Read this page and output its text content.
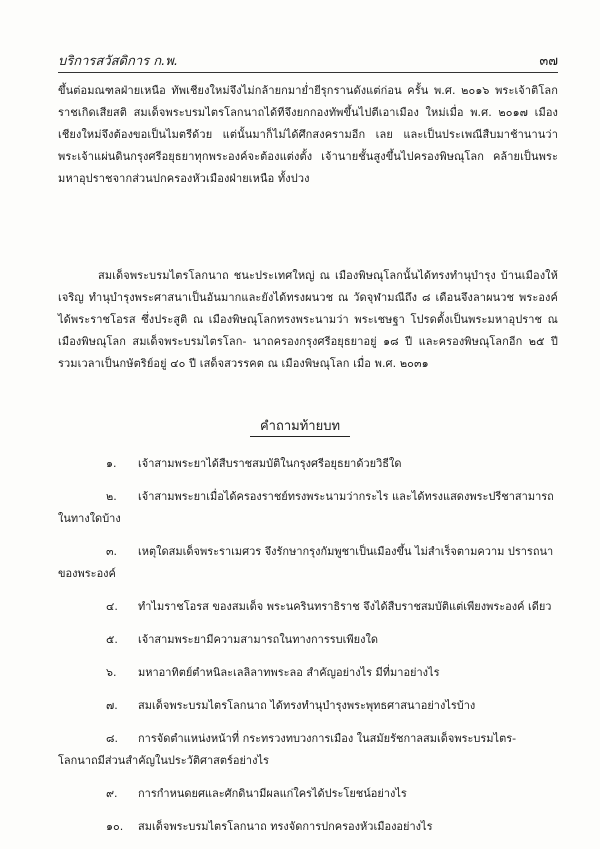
บริการสวัสดิการ ก.พ.	๓๗
ขึ้นต่อมณฑลฝ่ายเหนือ ทัพเชียงใหม่จึงไม่กล้ายกมาย่ำยีรุกรานดังแต่ก่อน ครั้น พ.ศ. ๒๐๑๖ พระเจ้าติโลกราชเกิดเสียสติ สมเด็จพระบรมไตรโลกนาถได้ทีจึงยกกองทัพขึ้นไปตีเอาเมือง ใหม่เมื่อ พ.ศ. ๒๐๑๗ เมืองเชียงใหม่จึงต้องขอเป็นไมตรีด้วย แต่นั้นมาก็ไม่ได้ศึกสงครามอีก เลย และเป็นประเพณีสืบมาช้านานว่า พระเจ้าแผ่นดินกรุงศรีอยุธยาทุกพระองค์จะต้องแต่งตั้ง เจ้านายชั้นสูงขึ้นไปครองพิษณุโลก คล้ายเป็นพระมหาอุปราชจากส่วนปกครองหัวเมืองฝ่ายเหนือ ทั้งปวง
สมเด็จพระบรมไตรโลกนาถ ชนะประเทศใหญ่ ณ เมืองพิษณุโลกนั้นได้ทรงทำนุบำรุง บ้านเมืองให้เจริญ ทำนุบำรุงพระศาสนาเป็นอันมากและยังได้ทรงผนวช ณ วัดจุฬามณีถึง ๘ เดือนจึงลาผนวช พระองค์ได้พระราชโอรส ซึ่งประสูติ ณ เมืองพิษณุโลกทรงพระนามว่า พระเชษฐา โปรดตั้งเป็นพระมหาอุปราช ณ เมืองพิษณุโลก สมเด็จพระบรมไตรโลก- นาถครองกรุงศรีอยุธยาอยู่ ๑๘ ปี และครองพิษณุโลกอีก ๒๕ ปี รวมเวลาเป็นกษัตริย์อยู่ ๔๐ ปี เสด็จสวรรคต ณ เมืองพิษณุโลก เมื่อ พ.ศ. ๒๐๓๑
คำถามท้ายบท
๑. เจ้าสามพระยาได้สืบราชสมบัติในกรุงศรีอยุธยาด้วยวิธีใด
๒. เจ้าสามพระยาเมื่อได้ครองราชย์ทรงพระนามว่ากระไร และได้ทรงแสดงพระปรีชาสามารถ ในทางใดบ้าง
๓. เหตุใดสมเด็จพระราเมศวร จึงรักษากรุงกัมพูชาเป็นเมืองขึ้น ไม่สำเร็จตามความ ปรารถนาของพระองค์
๔. ทำไมราชโอรส ของสมเด็จ พระนครินทราธิราช จึงได้สืบราชสมบัติแต่เพียงพระองค์ เดียว
๕. เจ้าสามพระยามีความสามารถในทางการรบเพียงใด
๖. มหาอาทิตย์ตำหนิละเลลิลาทพระลอ สำคัญอย่างไร มีที่มาอย่างไร
๗. สมเด็จพระบรมไตรโลกนาถ ได้ทรงทำนุบำรุงพระพุทธศาสนาอย่างไรบ้าง
๘. การจัดตำแหน่งหน้าที่ กระทรวงทบวงการเมือง ในสมัยรัชกาลสมเด็จพระบรมไตร- โลกนาถมีส่วนสำคัญในประวัติศาสตร์อย่างไร
๙. การกำหนดยศและศักดินามีผลแก่ใครได้ประโยชน์อย่างไร
๑๐. สมเด็จพระบรมไตรโลกนาถ ทรงจัดการปกครองหัวเมืองอย่างไร
